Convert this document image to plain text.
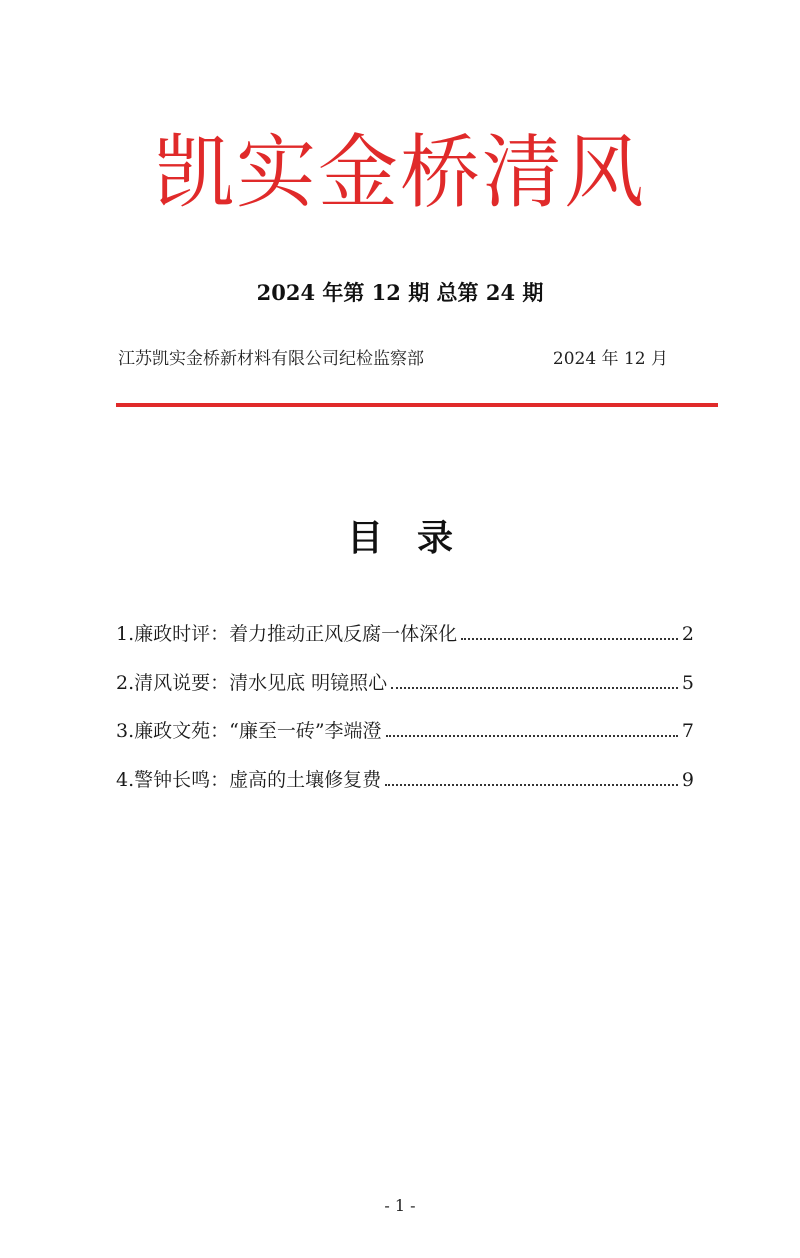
凯实金桥清风
2024 年第 12 期 总第 24 期
江苏凯实金桥新材料有限公司纪检监察部	2024 年 12 月
目录
1.廉政时评：着力推动正风反腐一体深化	2
2.清风说要：清水见底 明镜照心	5
3.廉政文苑：“廉至一砖”李端澄	7
4.警钟长鸣：虚高的土壤修复费	9
- 1 -
